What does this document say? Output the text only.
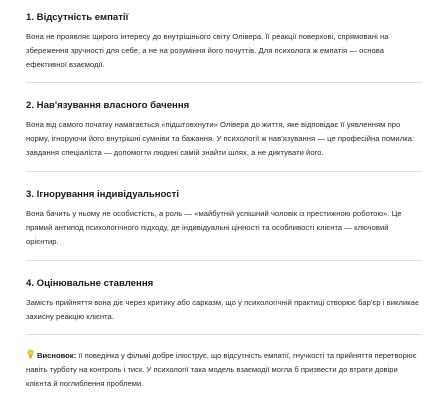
1. Відсутність емпатії

Вона не проявляє щирого інтересу до внутрішнього світу Олівера. Її реакції поверхові, спрямовані на збереження зручності для себе, а не на розуміння його почуттів. Для психолога ж емпатія — основа ефективної взаємодії.

2. Нав'язування власного бачення

Вона від самого початку намагається «підштовхнути» Олівера до життя, яке відповідає її уявленням про норму, ігноруючи його внутрішні сумніви та бажання. У психології ж нав'язування — це професійна помилка: завдання спеціаліста — допомогти людині самій знайти шлях, а не диктувати його.

3. Ігнорування індивідуальності

Вона бачить у ньому не особистість, а роль — «майбутній успішний чоловік із престижною роботою». Це прямий антипод психологічного підходу, де індивідуальні цінності та особливості клієнта — ключовий орієнтир.

4. Оцінювальне ставлення

Замість прийняття вона діє через критику або сарказм, що у психологічній практиці створює бар'єр і викликає захисну реакцію клієнта.

Висновок: її поведінка у фільмі добре ілюструє, що відсутність емпатії, гнучкості та прийняття перетворює навіть турботу на контроль і тиск. У психології така модель взаємодії могла б призвести до втрати довіри клієнта й поглиблення проблеми.
